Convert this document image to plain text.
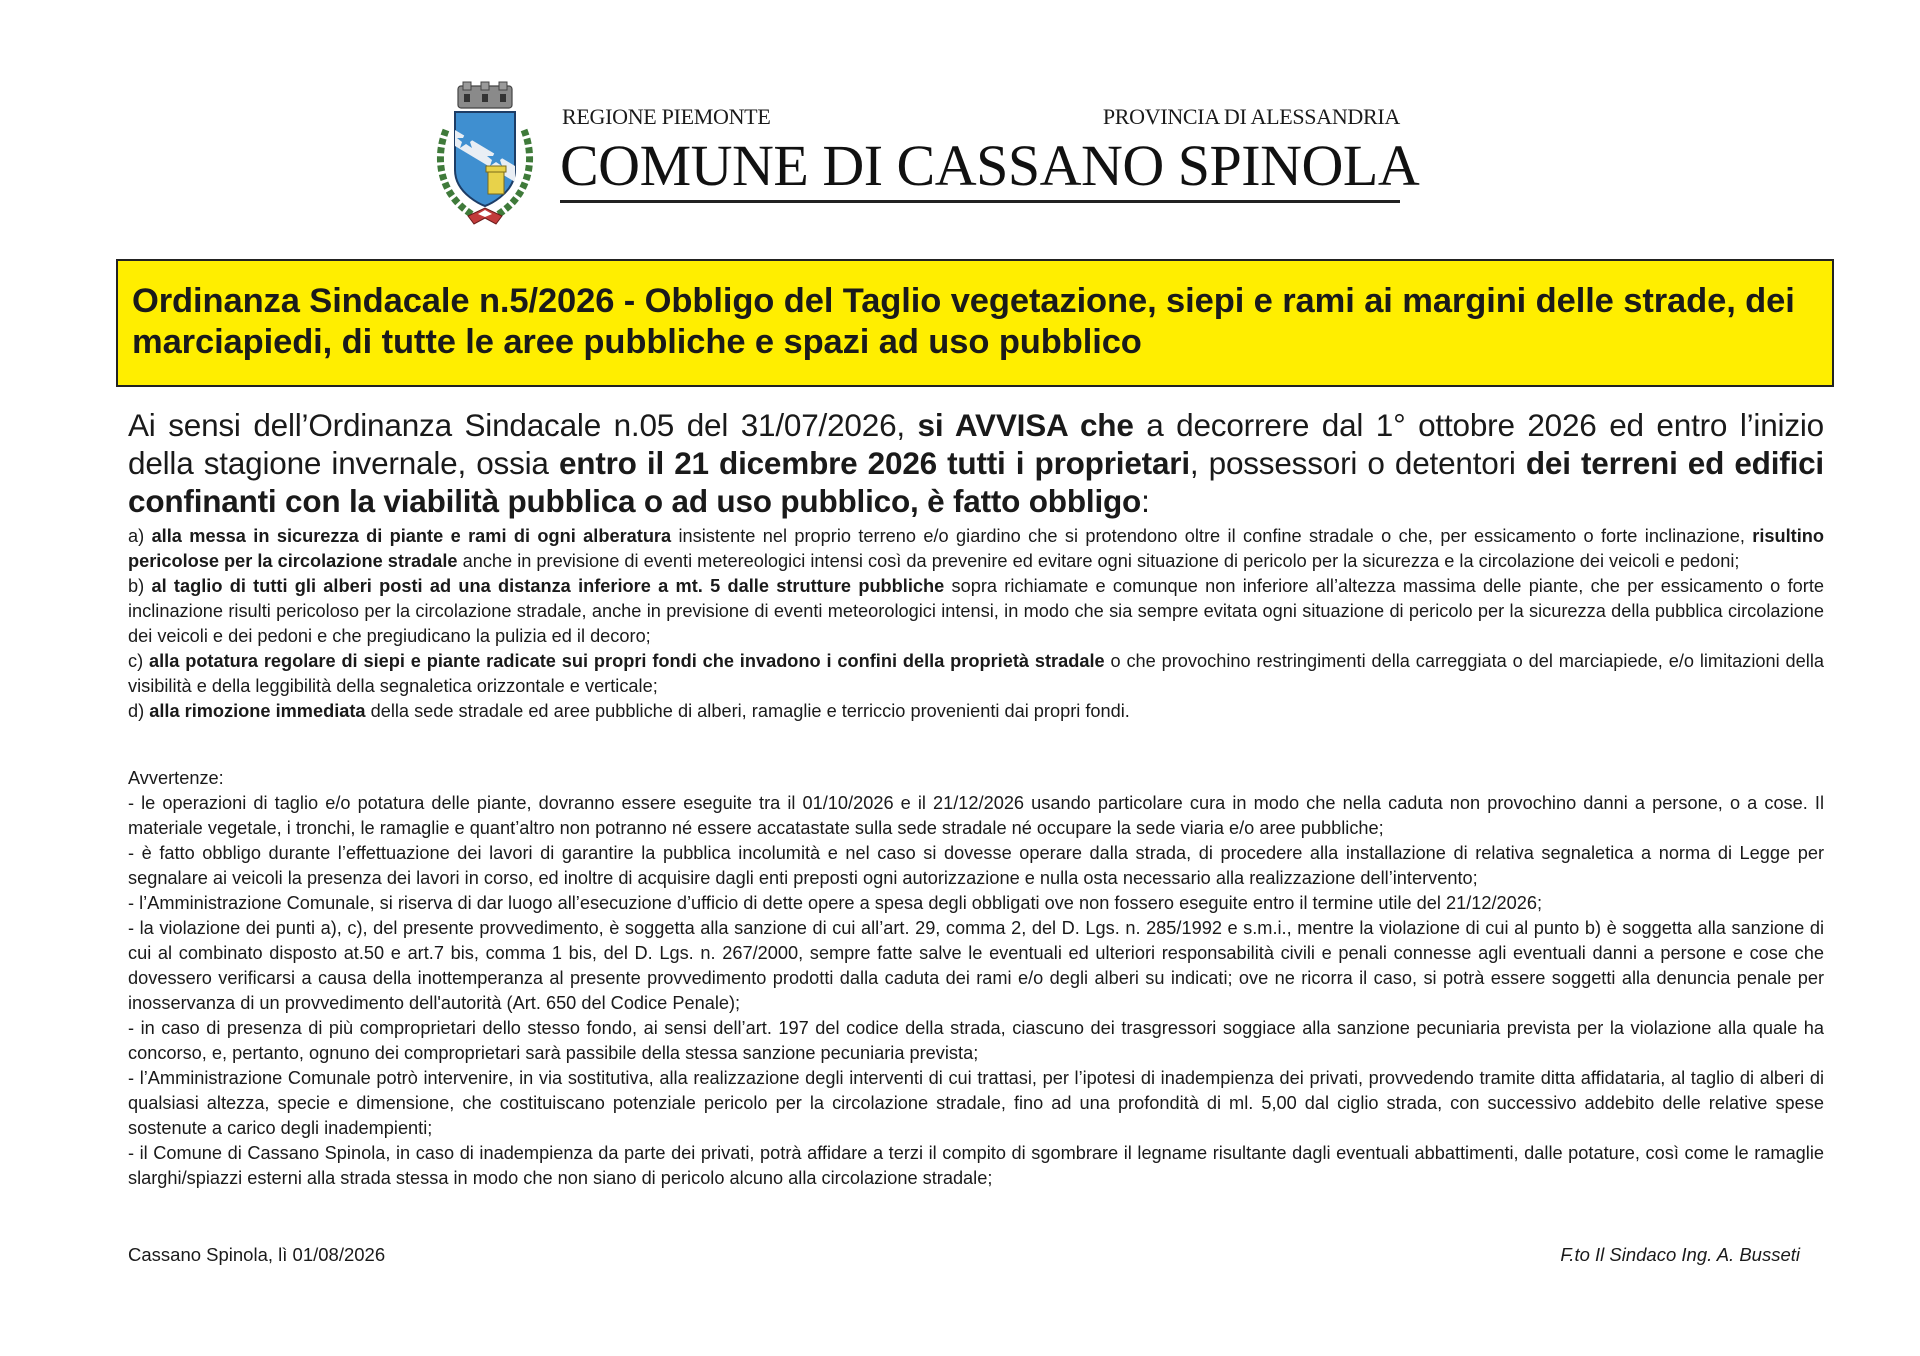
REGIONE PIEMONTE	PROVINCIA DI ALESSANDRIA
COMUNE DI CASSANO SPINOLA
Ordinanza Sindacale n.5/2026 - Obbligo del Taglio vegetazione, siepi e rami ai margini delle strade, dei marciapiedi, di tutte le aree pubbliche e spazi ad uso pubblico
Ai sensi dell’Ordinanza Sindacale n.05 del 31/07/2026, si AVVISA che a decorrere dal 1° ottobre 2026 ed entro l’inizio della stagione invernale, ossia entro il 21 dicembre 2026 tutti i proprietari, possessori o detentori dei terreni ed edifici confinanti con la viabilità pubblica o ad uso pubblico, è fatto obbligo:

a) alla messa in sicurezza di piante e rami di ogni alberatura insistente nel proprio terreno e/o giardino che si protendono oltre il confine stradale o che, per essicamento o forte inclinazione, risultino pericolose per la circolazione stradale anche in previsione di eventi metereologici intensi così da prevenire ed evitare ogni situazione di pericolo per la sicurezza e la circolazione dei veicoli e pedoni;

b) al taglio di tutti gli alberi posti ad una distanza inferiore a mt. 5 dalle strutture pubbliche sopra richiamate e comunque non inferiore all’altezza massima delle piante, che per essicamento o forte inclinazione risulti pericoloso per la circolazione stradale, anche in previsione di eventi meteorologici intensi, in modo che sia sempre evitata ogni situazione di pericolo per la sicurezza della pubblica circolazione dei veicoli e dei pedoni e che pregiudicano la pulizia ed il decoro;

c) alla potatura regolare di siepi e piante radicate sui propri fondi che invadono i confini della proprietà stradale o che provochino restringimenti della carreggiata o del marciapiede, e/o limitazioni della visibilità e della leggibilità della segnaletica orizzontale e verticale;

d) alla rimozione immediata della sede stradale ed aree pubbliche di alberi, ramaglie e terriccio provenienti dai propri fondi.

Avvertenze:

- le operazioni di taglio e/o potatura delle piante, dovranno essere eseguite tra il 01/10/2026 e il 21/12/2026 usando particolare cura in modo che nella caduta non provochino danni a persone, o a cose. Il materiale vegetale, i tronchi, le ramaglie e quant’altro non potranno né essere accatastate sulla sede stradale né occupare la sede viaria e/o aree pubbliche;

- è fatto obbligo durante l’effettuazione dei lavori di garantire la pubblica incolumità e nel caso si dovesse operare dalla strada, di procedere alla installazione di relativa segnaletica a norma di Legge per segnalare ai veicoli la presenza dei lavori in corso, ed inoltre di acquisire dagli enti preposti ogni autorizzazione e nulla osta necessario alla realizzazione dell’intervento;

- l’Amministrazione Comunale, si riserva di dar luogo all’esecuzione d’ufficio di dette opere a spesa degli obbligati ove non fossero eseguite entro il termine utile del 21/12/2026;

- la violazione dei punti a), c), del presente provvedimento, è soggetta alla sanzione di cui all’art. 29, comma 2, del D. Lgs. n. 285/1992 e s.m.i., mentre la violazione di cui al punto b) è soggetta alla sanzione di cui al combinato disposto at.50 e art.7 bis, comma 1 bis, del D. Lgs. n. 267/2000, sempre fatte salve le eventuali ed ulteriori responsabilità civili e penali connesse agli eventuali danni a persone e cose che dovessero verificarsi a causa della inottemperanza al presente provvedimento prodotti dalla caduta dei rami e/o degli alberi su indicati; ove ne ricorra il caso, si potrà essere soggetti alla denuncia penale per inosservanza di un provvedimento dell'autorità (Art. 650 del Codice Penale);

- in caso di presenza di più comproprietari dello stesso fondo, ai sensi dell’art. 197 del codice della strada, ciascuno dei trasgressori soggiace alla sanzione pecuniaria prevista per la violazione alla quale ha concorso, e, pertanto, ognuno dei comproprietari sarà passibile della stessa sanzione pecuniaria prevista;

- l’Amministrazione Comunale potrò intervenire, in via sostitutiva, alla realizzazione degli interventi di cui trattasi, per l’ipotesi di inadempienza dei privati, provvedendo tramite ditta affidataria, al taglio di alberi di qualsiasi altezza, specie e dimensione, che costituiscano potenziale pericolo per la circolazione stradale, fino ad una profondità di ml. 5,00 dal ciglio strada, con successivo addebito delle relative spese sostenute a carico degli inadempienti;

- il Comune di Cassano Spinola, in caso di inadempienza da parte dei privati, potrà affidare a terzi il compito di sgombrare il legname risultante dagli eventuali abbattimenti, dalle potature, così come le ramaglie slarghi/spiazzi esterni alla strada stessa in modo che non siano di pericolo alcuno alla circolazione stradale;

Cassano Spinola, lì 01/08/2026	F.to Il Sindaco Ing. A. Busseti
